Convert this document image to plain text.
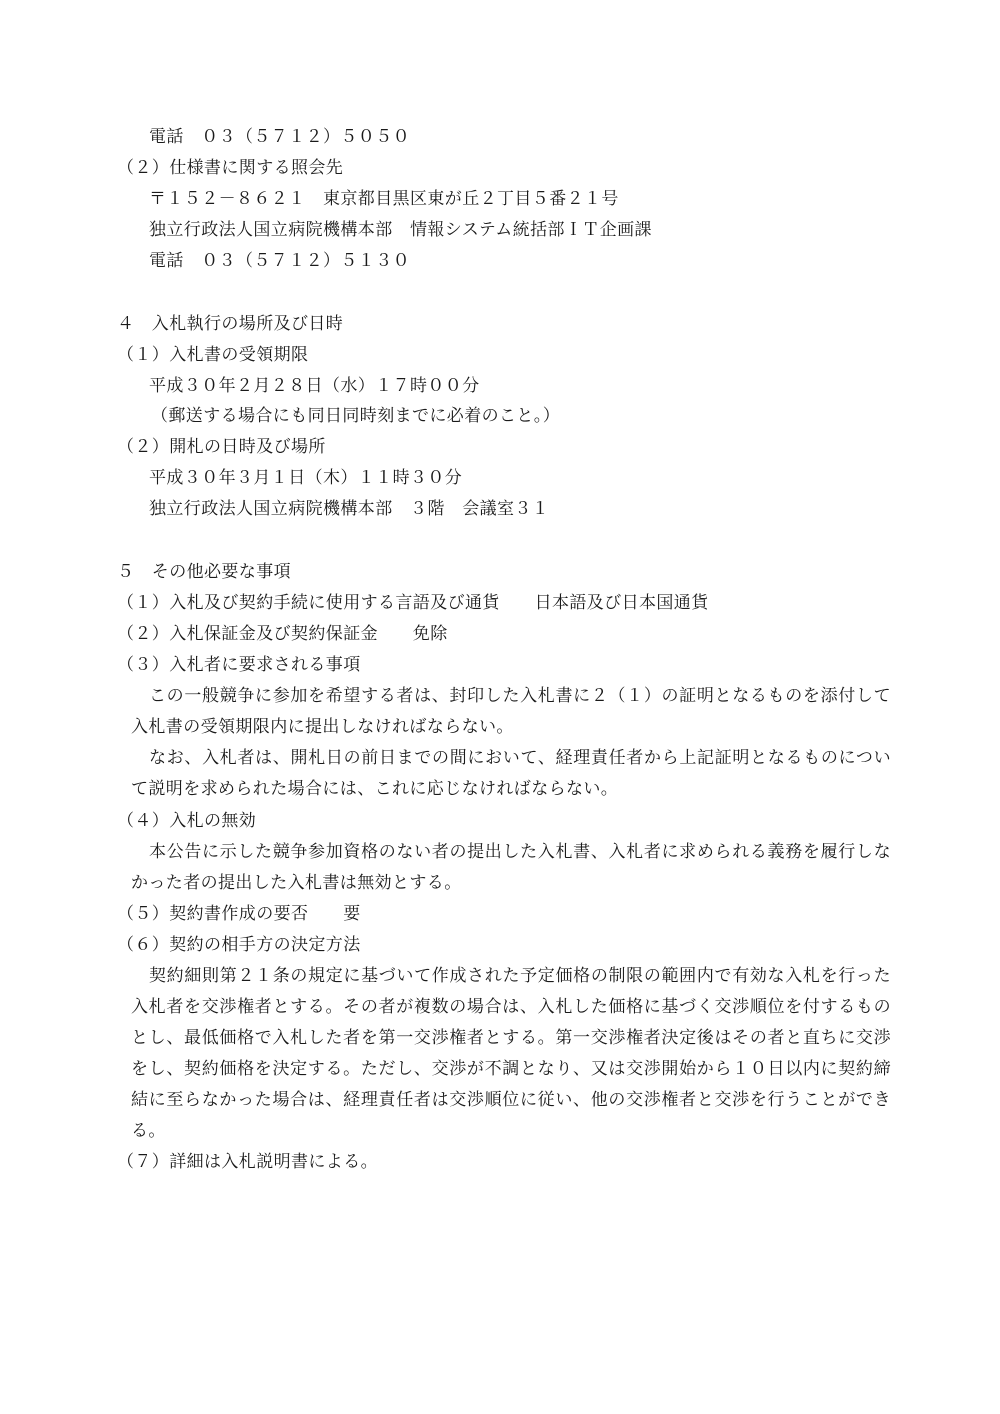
電話　０３（５７１２）５０５０
（２）仕様書に関する照会先
〒１５２－８６２１　東京都目黒区東が丘２丁目５番２１号
独立行政法人国立病院機構本部　情報システム統括部ＩＴ企画課
電話　０３（５７１２）５１３０
４　入札執行の場所及び日時
（１）入札書の受領期限
平成３０年２月２８日（水）１７時００分
（郵送する場合にも同日同時刻までに必着のこと。）
（２）開札の日時及び場所
平成３０年３月１日（木）１１時３０分
独立行政法人国立病院機構本部　３階　会議室３１
５　その他必要な事項
（１）入札及び契約手続に使用する言語及び通貨　　日本語及び日本国通貨
（２）入札保証金及び契約保証金　　免除
（３）入札者に要求される事項
この一般競争に参加を希望する者は、封印した入札書に２（１）の証明となるものを添付して入札書の受領期限内に提出しなければならない。
なお、入札者は、開札日の前日までの間において、経理責任者から上記証明となるものについて説明を求められた場合には、これに応じなければならない。
（４）入札の無効
本公告に示した競争参加資格のない者の提出した入札書、入札者に求められる義務を履行しなかった者の提出した入札書は無効とする。
（５）契約書作成の要否　　要
（６）契約の相手方の決定方法
契約細則第２１条の規定に基づいて作成された予定価格の制限の範囲内で有効な入札を行った入札者を交渉権者とする。その者が複数の場合は、入札した価格に基づく交渉順位を付するものとし、最低価格で入札した者を第一交渉権者とする。第一交渉権者決定後はその者と直ちに交渉をし、契約価格を決定する。ただし、交渉が不調となり、又は交渉開始から１０日以内に契約締結に至らなかった場合は、経理責任者は交渉順位に従い、他の交渉権者と交渉を行うことができる。
（７）詳細は入札説明書による。
